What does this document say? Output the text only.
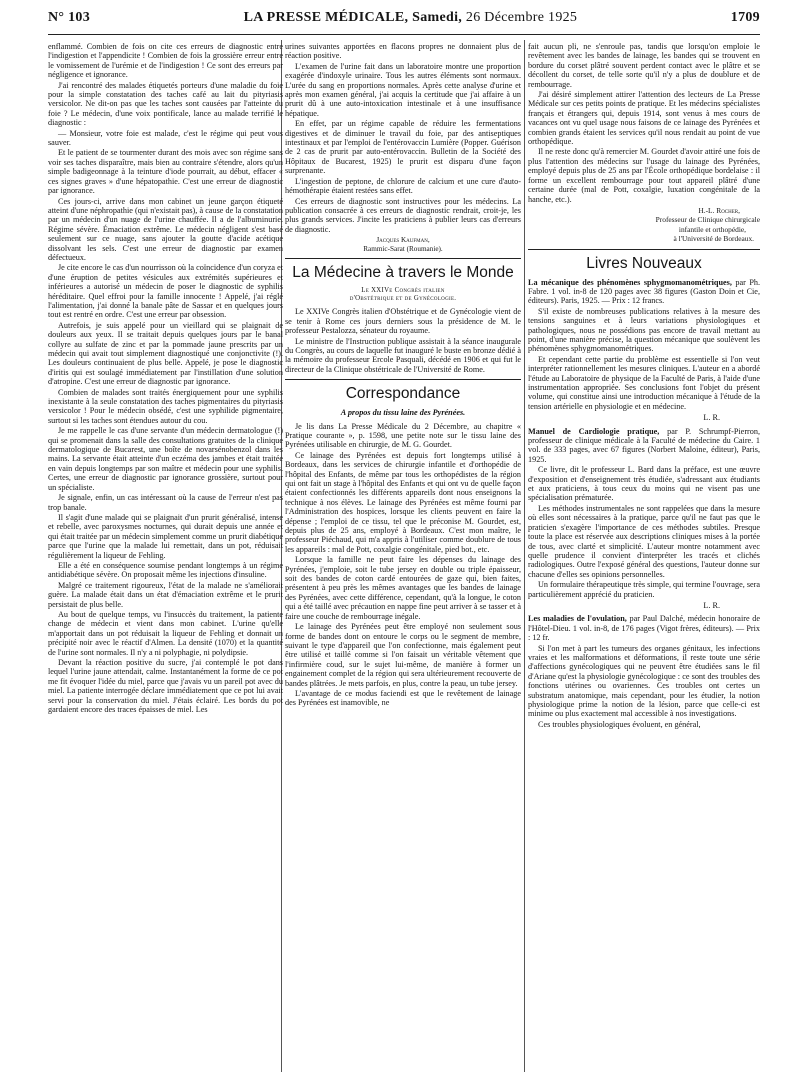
N° 103	LA PRESSE MÉDICALE, Samedi, 26 Décembre 1925	1709

enflammé. Combien de fois on cite ces erreurs de diagnostic entre l'indigestion et l'appendicite ! Combien de fois la grossière erreur entre le vomissement de l'urémie et de l'indigestion ! Ce sont des erreurs par négligence et ignorance.

J'ai rencontré des malades étiquetés porteurs d'une maladie du foie pour la simple constatation des taches café au lait du pityriasis versicolor. Ne dit-on pas que les taches sont causées par l'atteinte du foie ? Le médecin, d'une voix pontificale, lance au malade terrifié le diagnostic :

— Monsieur, votre foie est malade, c'est le régime qui peut vous sauver.

Et le patient de se tourmenter durant des mois avec son régime sans voir ses taches disparaître, mais bien au contraire s'étendre, alors qu'un simple badigeonnage à la teinture d'iode pourrait, au début, effacer « ces signes graves » d'une hépatopathie. C'est une erreur de diagnostic par ignorance.

Ces jours-ci, arrive dans mon cabinet un jeune garçon étiqueté atteint d'une néphropathie (qui n'existait pas), à cause de la constatation par un médecin d'un nuage de l'urine chauffée. Il a de l'albuminurie. Régime sévère. Émaciation extrême. Le médecin négligent s'est basé seulement sur ce nuage, sans ajouter la goutte d'acide acétique dissolvant les sels. C'est une erreur de diagnostic par examen défectueux.

Je cite encore le cas d'un nourrisson où la coïncidence d'un coryza et d'une éruption de petites vésicules aux extrémités supérieures et inférieures a autorisé un médecin de poser le diagnostic de syphilis héréditaire. Quel effroi pour la famille innocente ! Appelé, j'ai réglé l'alimentation, j'ai donné la banale pâte de Sassar et en quelques jours tout est rentré en ordre. C'est une erreur par obsession.

Autrefois, je suis appelé pour un vieillard qui se plaignait de douleurs aux yeux. Il se traitait depuis quelques jours par le banal collyre au sulfate de zinc et par la pommade jaune prescrits par un médecin qui avait tout simplement diagnostiqué une conjonctivite (!). Les douleurs continuaient de plus belle. Appelé, je pose le diagnostic d'iritis qui est soulagé immédiatement par l'instillation d'une solution d'atropine. C'est une erreur de diagnostic par ignorance.

Combien de malades sont traités énergiquement pour une syphilis inexistante à la seule constatation des taches pigmentaires du pityriasis versicolor ! Pour le médecin obsédé, c'est une syphilide pigmentaire, surtout si les taches sont étendues autour du cou.

Je me rappelle le cas d'une servante d'un médecin dermatologue (!) qui se promenait dans la salle des consultations gratuites de la clinique dermatologique de Bucarest, une boîte de novarsénobenzol dans les mains. La servante était atteinte d'un eczéma des jambes et était traitée en vain depuis longtemps par son maître et médecin pour une syphilis. Certes, une erreur de diagnostic par ignorance grossière, surtout pour un spécialiste.

Je signale, enfin, un cas intéressant où la cause de l'erreur n'est pas trop banale.

Il s'agit d'une malade qui se plaignait d'un prurit généralisé, intense et rebelle, avec paroxysmes nocturnes, qui durait depuis une année et qui était traitée par un médecin simplement comme un prurit diabétique parce que l'urine que la malade lui remettait, dans un pot, réduisait régulièrement la liqueur de Fehling.

Elle a été en conséquence soumise pendant longtemps à un régime antidiabétique sévère. On proposait même les injections d'insuline.

Malgré ce traitement rigoureux, l'état de la malade ne s'améliorait guère. La malade était dans un état d'émaciation extrême et le prurit persistait de plus belle.

Au bout de quelque temps, vu l'insuccès du traitement, la patiente change de médecin et vient dans mon cabinet. L'urine qu'elle m'apportait dans un pot réduisait la liqueur de Fehling et donnait un précipité noir avec le réactif d'Almen. La densité (1070) et la quantité de l'urine sont normales. Il n'y a ni polyphagie, ni polydipsie.

Devant la réaction positive du sucre, j'ai contemplé le pot dans lequel l'urine jaune attendait, calme. Instantanément la forme de ce pot me fit évoquer l'idée du miel, parce que j'avais vu un pareil pot avec du miel. La patiente interrogée déclare immédiatement que ce pot lui avait servi pour la conservation du miel. J'étais éclairé. Les bords du pot gardaient encore des traces épaisses de miel. Les

urines suivantes apportées en flacons propres ne donnaient plus de réaction positive.

L'examen de l'urine fait dans un laboratoire montre une proportion exagérée d'indoxyle urinaire. Tous les autres éléments sont normaux. L'urée du sang en proportions normales. Après cette analyse d'urine et après mon examen général, j'ai acquis la certitude que j'ai affaire à un prurit dû à une auto-intoxication intestinale et à une insuffisance hépatique.

En effet, par un régime capable de réduire les fermentations digestives et de diminuer le travail du foie, par des antiseptiques intestinaux et par l'emploi de l'entérovaccin Lumière (Popper. Guérison de 2 cas de prurit par auto-entérovaccin. Bulletin de la Société des Hôpitaux de Bucarest, 1925) le prurit est disparu d'une façon surprenante.

L'ingestion de peptone, de chlorure de calcium et une cure d'auto-hémothérapie étaient restées sans effet.

Ces erreurs de diagnostic sont instructives pour les médecins. La publication consacrée à ces erreurs de diagnostic rendrait, croit-je, les plus grands services. J'incite les praticiens à publier leurs cas d'erreurs de diagnostic.

Jacques Kaufman,
Rammic-Sarat (Roumanie).
La Médecine à travers le Monde
Le XXIVe Congrès italien
d'Obstétrique et de Gynécologie.

Le XXIVe Congrès italien d'Obstétrique et de Gynécologie vient de se tenir à Rome ces jours derniers sous la présidence de M. le professeur Pestalozza, sénateur du royaume.

Le ministre de l'Instruction publique assistait à la séance inaugurale du Congrès, au cours de laquelle fut inauguré le buste en bronze dédié à la mémoire du professeur Ercole Pasquali, décédé en 1906 et qui fut le directeur de la Clinique obstétricale de l'Université de Rome.

Correspondance
A propos du tissu laine des Pyrénées.

Je lis dans La Presse Médicale du 2 Décembre, au chapitre « Pratique courante », p. 1598, une petite note sur le tissu laine des Pyrénées utilisable en chirurgie, de M. G. Gourdet.

Ce lainage des Pyrénées est depuis fort longtemps utilisé à Bordeaux, dans les services de chirurgie infantile et d'orthopédie de l'hôpital des Enfants, de même par tous les orthopédistes de la région qui ont fait un stage à l'hôpital des Enfants et qui ont vu de quelle façon étaient confectionnés les différents appareils dont nous enseignons la technique à nos élèves. Le lainage des Pyrénées est même fourni par l'Administration des hospices, lorsque les clients peuvent en faire la dépense ; l'emploi de ce tissu, tel que le préconise M. Gourdet, est, depuis plus de 25 ans, employé à Bordeaux. C'est mon maître, le professeur Piéchaud, qui m'a appris à l'utiliser comme doublure de tous les appareils : mal de Pott, coxalgie congénitale, pied bot., etc.

Lorsque la famille ne peut faire les dépenses du lainage des Pyrénées, j'emploie, soit le tube jersey en double ou triple épaisseur, soit des bandes de coton cardé entourées de gaze qui, bien faites, présentent à peu près les mêmes avantages que les bandes de lainage des Pyrénées, avec cette différence, cependant, qu'à la longue, le coton qui a été taillé avec précaution en nappe fine peut arriver à se tasser et à faire une couche de rembourrage inégale.

Le lainage des Pyrénées peut être employé non seulement sous forme de bandes dont on entoure le corps ou le segment de membre, suivant le type d'appareil que l'on confectionne, mais également peut être utilisé et taillé comme si l'on faisait un véritable vêtement que l'infirmière coud, sur le sujet lui-même, de manière à former un engainement complet de la région qui sera ultérieurement recouverte de bandes plâtrées. Je mets parfois, en plus, contre la peau, un tube jersey.

L'avantage de ce modus faciendi est que le revêtement de lainage des Pyrénées est inamovible, ne

fait aucun pli, ne s'enroule pas, tandis que lorsqu'on emploie le revêtement avec les bandes de lainage, les bandes qui se trouvent en bordure du corset plâtré souvent perdent contact avec le plâtre et se décollent du corset, de telle sorte qu'il n'y a plus de doublure et de rembourrage.

J'ai désiré simplement attirer l'attention des lecteurs de La Presse Médicale sur ces petits points de pratique. Et les médecins spécialistes français et étrangers qui, depuis 1914, sont venus à mes cours de vacances ont vu quel usage nous faisons de ce lainage des Pyrénées et combien grands étaient les services qu'il nous rendait au point de vue orthopédique.

Il ne reste donc qu'à remercier M. Gourdet d'avoir attiré une fois de plus l'attention des médecins sur l'usage du lainage des Pyrénées, employé depuis plus de 25 ans par l'École orthopédique bordelaise : il forme un excellent rembourrage pour tout appareil plâtré d'une certaine durée (mal de Pott, coxalgie, luxation congénitale de la hanche, etc.).

H.-L. Rocher,
Professeur de Clinique chirurgicale
infantile et orthopédie,
à l'Université de Bordeaux.
Livres Nouveaux

La mécanique des phénomènes sphygmomanométriques, par Ph. Fabre. 1 vol. in-8 de 120 pages avec 38 figures (Gaston Doin et Cie, éditeurs). Paris, 1925. — Prix : 12 francs.

S'il existe de nombreuses publications relatives à la mesure des tensions sanguines et à leurs variations physiologiques et pathologiques, nous ne possédions pas encore de travail mettant au point, d'une manière précise, la question mécanique que soulèvent les phénomènes sphygmomanométriques.

Et cependant cette partie du problème est essentielle si l'on veut interpréter rationnellement les mesures cliniques. L'auteur en a abordé l'étude au Laboratoire de physique de la Faculté de Paris, à l'aide d'une instrumentation appropriée. Ses conclusions font l'objet du présent volume, qui constitue ainsi une introduction mécanique à l'étude de la tension artérielle en physiologie et en médecine.

L. R.

Manuel de Cardiologie pratique, par P. Schrumpf-Pierron, professeur de clinique médicale à la Faculté de médecine du Caire. 1 vol. de 333 pages, avec 67 figures (Norbert Maloine, éditeur), Paris, 1925.

Ce livre, dit le professeur L. Bard dans la préface, est une œuvre d'exposition et d'enseignement très étudiée, s'adressant aux étudiants et aux praticiens, à tous ceux du moins qui ne visent pas une spécialisation prématurée.

Les méthodes instrumentales ne sont rappelées que dans la mesure où elles sont nécessaires à la pratique, parce qu'il ne faut pas que le praticien s'exagère l'importance de ces méthodes subtiles. Presque toute la place est réservée aux descriptions cliniques mises à la portée de tous, avec clarté et simplicité. L'auteur montre notamment avec quelle prudence il convient d'interpréter les tracés et clichés radiologiques. Outre l'exposé général des questions, l'auteur donne sur chacune d'elles ses opinions personnelles.

Un formulaire thérapeutique très simple, qui termine l'ouvrage, sera particulièrement apprécié du praticien.

L. R.

Les maladies de l'ovulation, par Paul Dalché, médecin honoraire de l'Hôtel-Dieu. 1 vol. in-8, de 176 pages (Vigot frères, éditeurs). — Prix : 12 fr.

Si l'on met à part les tumeurs des organes génitaux, les infections vraies et les malformations et déformations, il reste toute une série d'affections gynécologiques qui ne peuvent être étudiées sans le fil d'Ariane qu'est la physiologie gynécologique : ce sont des troubles des fonctions utérines ou ovariennes. Ces troubles ont certes un substratum anatomique, mais cependant, pour les étudier, la notion physiologique prime la notion de la lésion, parce que celle-ci est minime ou plus exactement mal accessible à nos investigations.

Ces troubles physiologiques évoluent, en général,
